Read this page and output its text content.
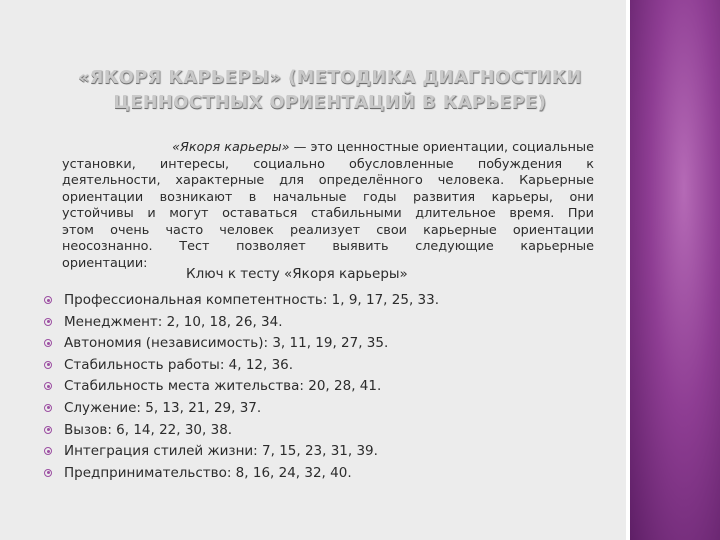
«ЯКОРЯ КАРЬЕРЫ» (МЕТОДИКА ДИАГНОСТИКИ
ЦЕННОСТНЫХ ОРИЕНТАЦИЙ В КАРЬЕРЕ)
«Якоря карьеры» — это ценностные ориентации, социальные
установки, интересы, социально обусловленные побуждения к
деятельности, характерные для определённого человека. Карьерные
ориентации возникают в начальные годы развития карьеры, они
устойчивы и могут оставаться стабильными длительное время. При
этом очень часто человек реализует свои карьерные ориентации
неосознанно. Тест позволяет выявить следующие карьерные
ориентации:
Ключ к тесту «Якоря карьеры»
Профессиональная компетентность: 1, 9, 17, 25, 33.
Менеджмент: 2, 10, 18, 26, 34.
Автономия (независимость): 3, 11, 19, 27, 35.
Стабильность работы: 4, 12, 36.
Стабильность места жительства: 20, 28, 41.
Служение: 5, 13, 21, 29, 37.
Вызов: 6, 14, 22, 30, 38.
Интеграция стилей жизни: 7, 15, 23, 31, 39.
Предпринимательство: 8, 16, 24, 32, 40.
